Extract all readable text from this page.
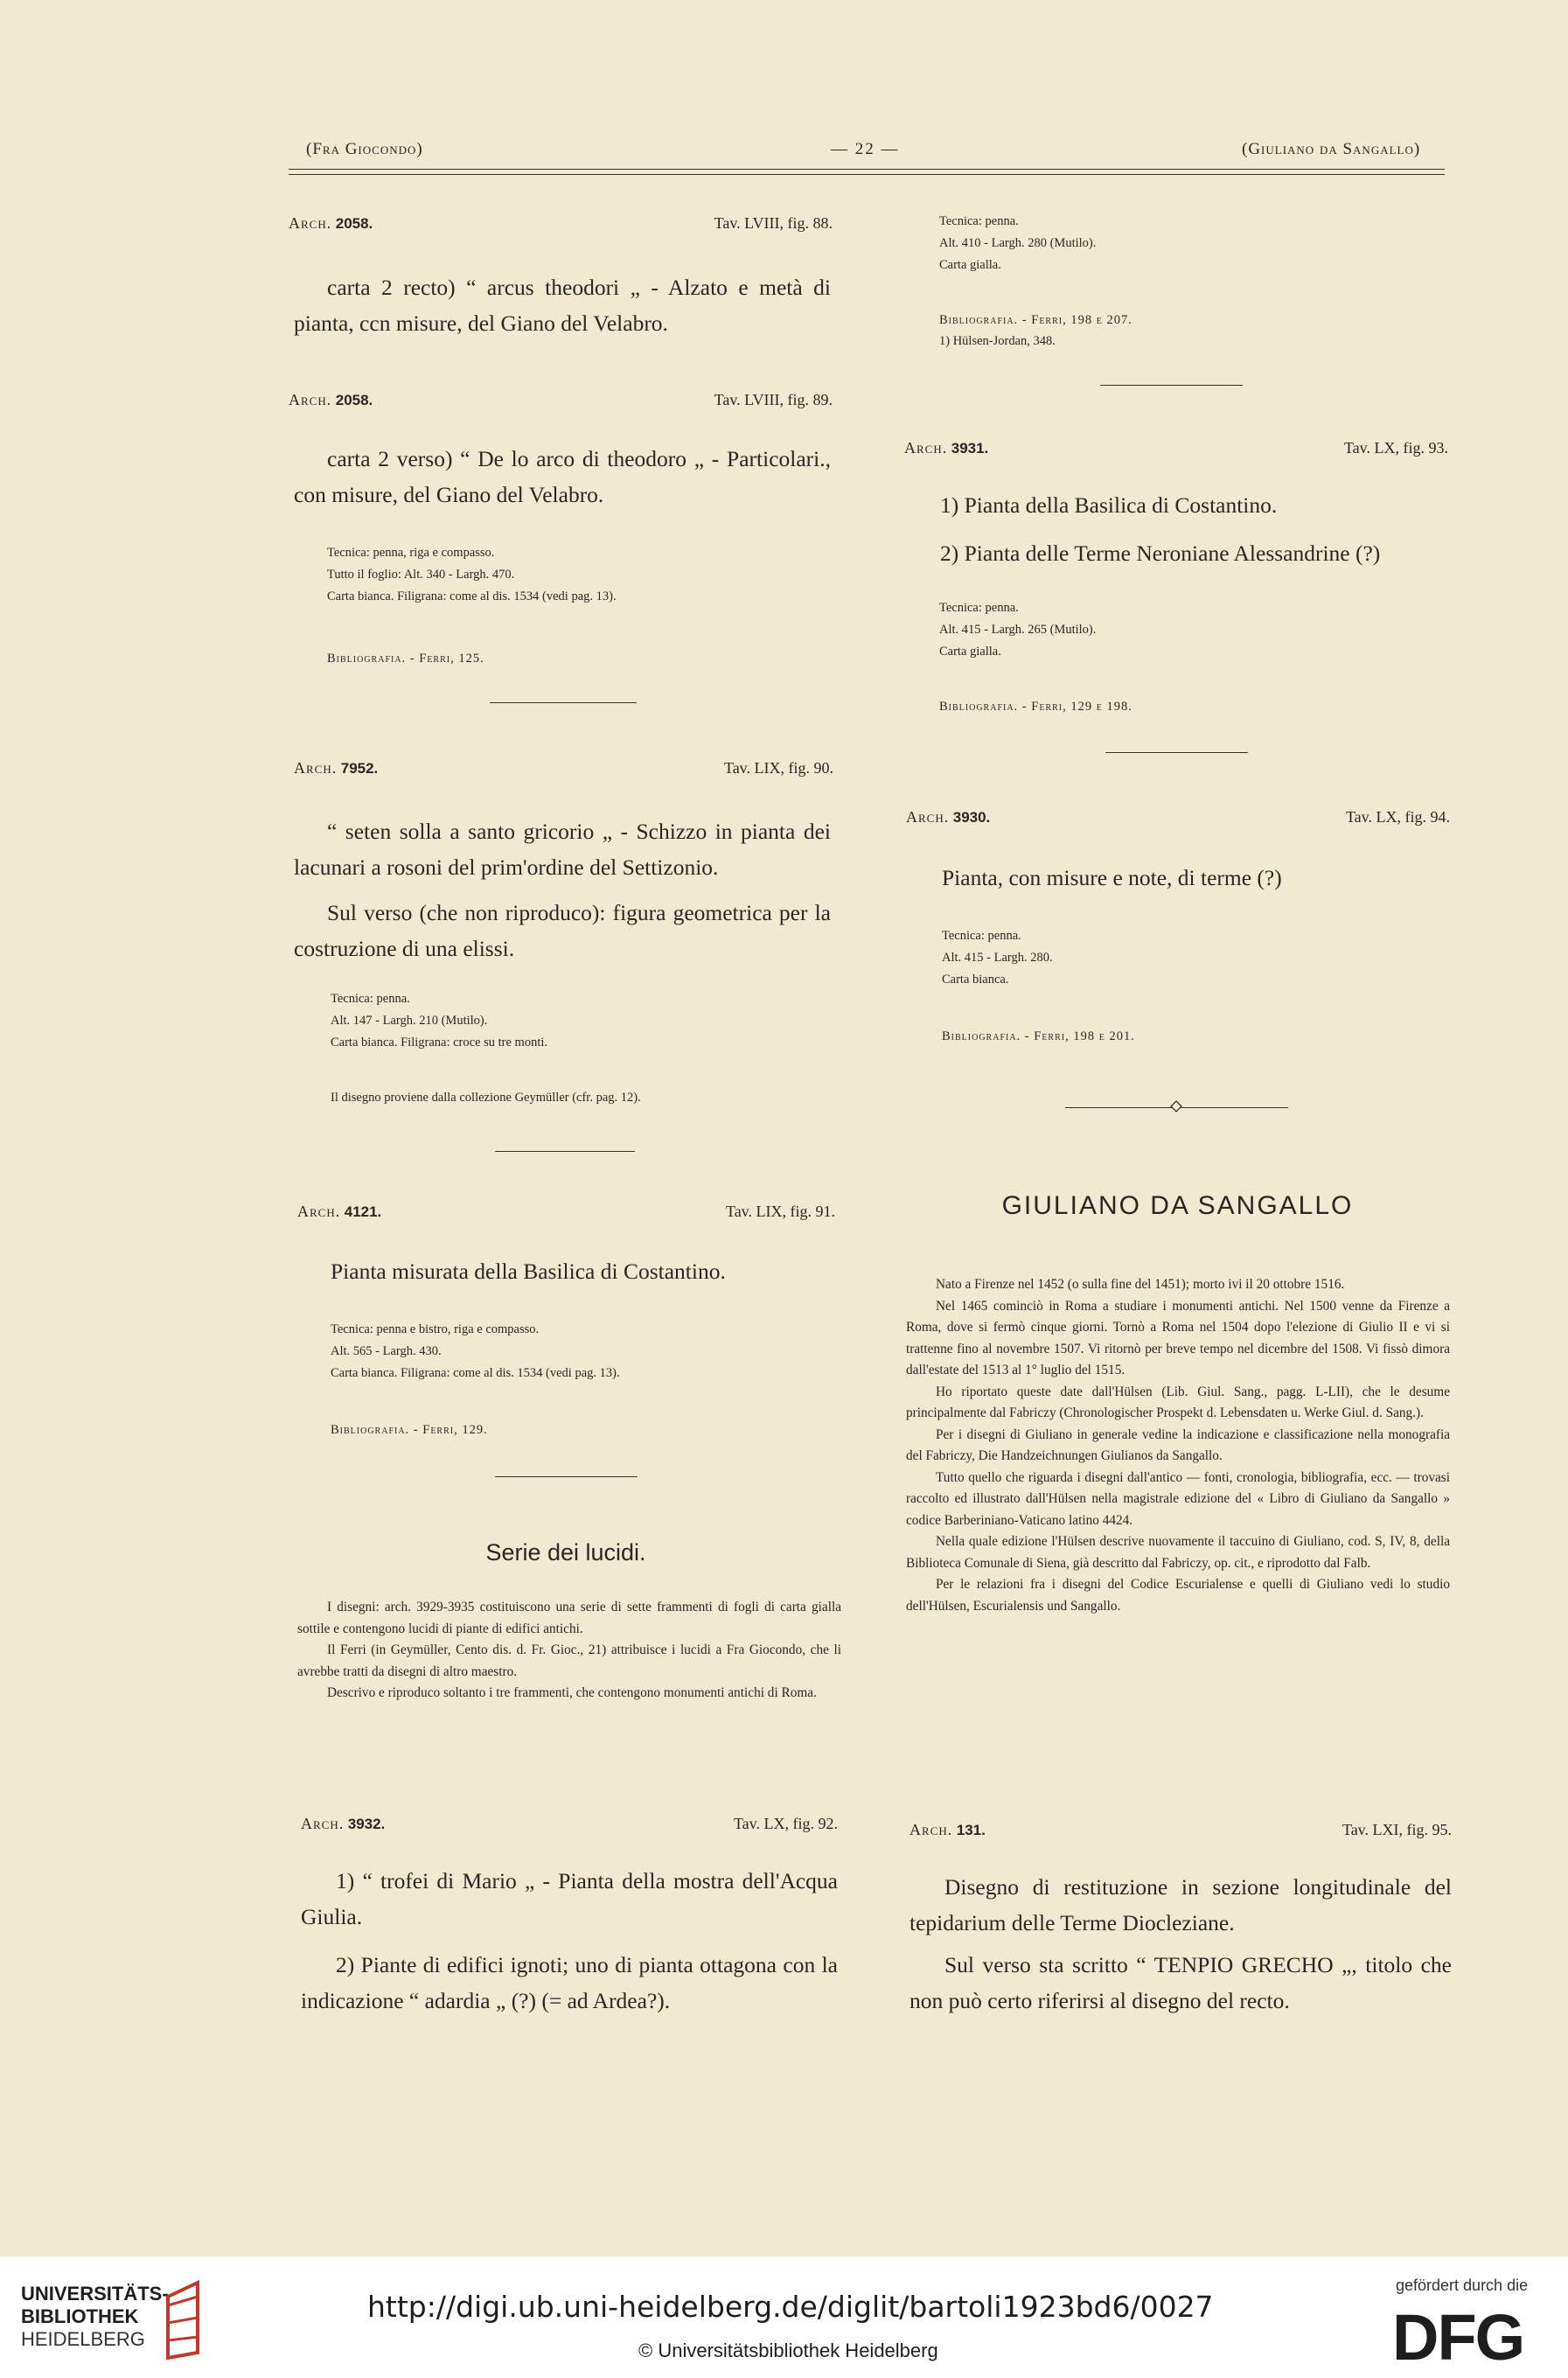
(Fra Giocondo)	— 22 —	(Giuliano da Sangallo)
Arch. 2058.	Tav. LVIII, fig. 88.
carta 2 recto) “ arcus theodori „ - Alzato e metà di pianta, ccn misure, del Giano del Velabro.
Arch. 2058.	Tav. LVIII, fig. 89.
carta 2 verso) “ De lo arco di theodoro „ - Particolari., con misure, del Giano del Velabro.
Tecnica: penna, riga e compasso.
Tutto il foglio: Alt. 340 - Largh. 470.
Carta bianca. Filigrana: come al dis. 1534 (vedi pag. 13).
Bibliografia. - Ferri, 125.
Arch. 7952.	Tav. LIX, fig. 90.
“ seten solla a santo gricorio „ - Schizzo in pianta dei lacunari a rosoni del prim'ordine del Settizonio.
Sul verso (che non riproduco): figura geometrica per la costruzione di una elissi.
Tecnica: penna.
Alt. 147 - Largh. 210 (Mutilo).
Carta bianca. Filigrana: croce su tre monti.
Il disegno proviene dalla collezione Geymüller (cfr. pag. 12).
Arch. 4121.	Tav. LIX, fig. 91.
Pianta misurata della Basilica di Costantino.
Tecnica: penna e bistro, riga e compasso.
Alt. 565 - Largh. 430.
Carta bianca. Filigrana: come al dis. 1534 (vedi pag. 13).
Bibliografia. - Ferri, 129.
Serie dei lucidi.

I disegni: arch. 3929-3935 costituiscono una serie di sette frammenti di fogli di carta gialla sottile e contengono lucidi di piante di edifici antichi.

Il Ferri (in Geymüller, Cento dis. d. Fr. Gioc., 21) attribuisce i lucidi a Fra Giocondo, che li avrebbe tratti da disegni di altro maestro.

Descrivo e riproduco soltanto i tre frammenti, che contengono monumenti antichi di Roma.

Arch. 3932.	Tav. LX, fig. 92.
1) “ trofei di Mario „ - Pianta della mostra dell'Acqua Giulia.
2) Piante di edifici ignoti; uno di pianta ottagona con la indicazione “ adardia „ (?) (= ad Ardea?).
Tecnica: penna.
Alt. 410 - Largh. 280 (Mutilo).
Carta gialla.
Bibliografia. - Ferri, 198 e 207.
1) Hülsen-Jordan, 348.
Arch. 3931.	Tav. LX, fig. 93.
1) Pianta della Basilica di Costantino.
2) Pianta delle Terme Neroniane Alessandrine (?)
Tecnica: penna.
Alt. 415 - Largh. 265 (Mutilo).
Carta gialla.
Bibliografia. - Ferri, 129 e 198.
Arch. 3930.	Tav. LX, fig. 94.
Pianta, con misure e note, di terme (?)
Tecnica: penna.
Alt. 415 - Largh. 280.
Carta bianca.
Bibliografia. - Ferri, 198 e 201.
GIULIANO DA SANGALLO

Nato a Firenze nel 1452 (o sulla fine del 1451); morto ivi il 20 ottobre 1516.

Nel 1465 cominciò in Roma a studiare i monumenti antichi. Nel 1500 venne da Firenze a Roma, dove si fermò cinque giorni. Tornò a Roma nel 1504 dopo l'elezione di Giulio II e vi si trattenne fino al novembre 1507. Vi ritornò per breve tempo nel dicembre del 1508. Vi fissò dimora dall'estate del 1513 al 1° luglio del 1515.

Ho riportato queste date dall'Hülsen (Lib. Giul. Sang., pagg. L-LII), che le desume principalmente dal Fabriczy (Chronologischer Prospekt d. Lebensdaten u. Werke Giul. d. Sang.).

Per i disegni di Giuliano in generale vedine la indicazione e classificazione nella monografia del Fabriczy, Die Handzeichnungen Giulianos da Sangallo.

Tutto quello che riguarda i disegni dall'antico — fonti, cronologia, bibliografia, ecc. — trovasi raccolto ed illustrato dall'Hülsen nella magistrale edizione del « Libro di Giuliano da Sangallo » codice Barberiniano-Vaticano latino 4424.

Nella quale edizione l'Hülsen descrive nuovamente il taccuino di Giuliano, cod. S, IV, 8, della Biblioteca Comunale di Siena, già descritto dal Fabriczy, op. cit., e riprodotto dal Falb.

Per le relazioni fra i disegni del Codice Escurialense e quelli di Giuliano vedi lo studio dell'Hülsen, Escurialensis und Sangallo.

Arch. 131.	Tav. LXI, fig. 95.
Disegno di restituzione in sezione longitudinale del tepidarium delle Terme Diocleziane.
Sul verso sta scritto “ TENPIO GRECHO „, titolo che non può certo riferirsi al disegno del recto.
UNIVERSITÄTS-
BIBLIOTHEK
HEIDELBERG
http://digi.ub.uni-heidelberg.de/diglit/bartoli1923bd6/0027
© Universitätsbibliothek Heidelberg
gefördert durch die
DFG
